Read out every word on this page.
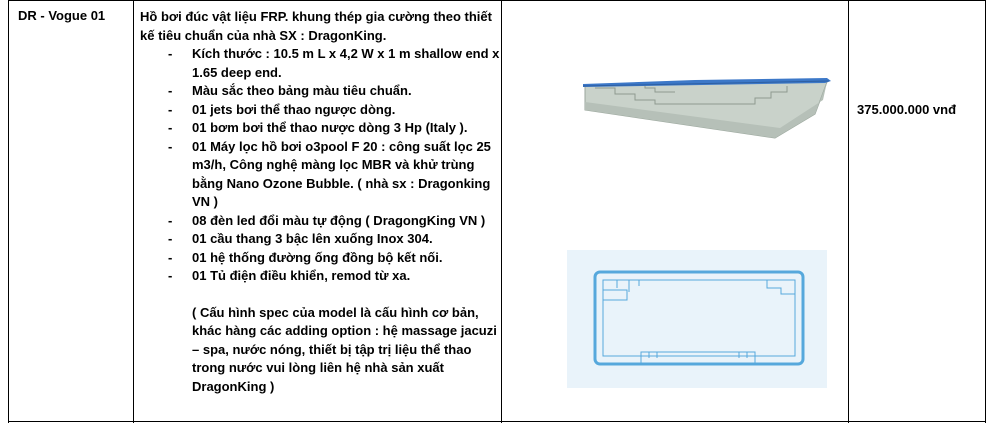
DR - Vogue 01	Hồ bơi đúc vật liệu FRP. khung thép gia cường theo thiết kế tiêu chuẩn của nhà SX : DragonKing.

- Kích thước : 10.5 m L x 4,2 W x 1 m shallow end x 1.65 deep end.
- Màu sắc theo bảng màu tiêu chuẩn.
- 01 jets bơi thể thao ngược dòng.
- 01 bơm bơi thể thao nược dòng 3 Hp (Italy ).
- 01 Máy lọc hồ bơi o3pool F 20 : công suất lọc 25 m3/h, Công nghệ màng lọc MBR và khử trùng bằng Nano Ozone Bubble. ( nhà sx : Dragonking VN )
- 08 đèn led đổi màu tự động ( DragongKing VN )
- 01 cầu thang 3 bậc lên xuống Inox 304.
- 01 hệ thống đường ống đồng bộ kết nối.
- 01 Tủ điện điều khiển, remod từ xa.

( Cấu hình spec của model là cấu hình cơ bản, khác hàng các adding option : hệ massage jacuzi – spa, nước nóng, thiết bị tập trị liệu thể thao trong nước vui lòng liên hệ nhà sản xuất DragonKing )

375.000.000 vnđ
